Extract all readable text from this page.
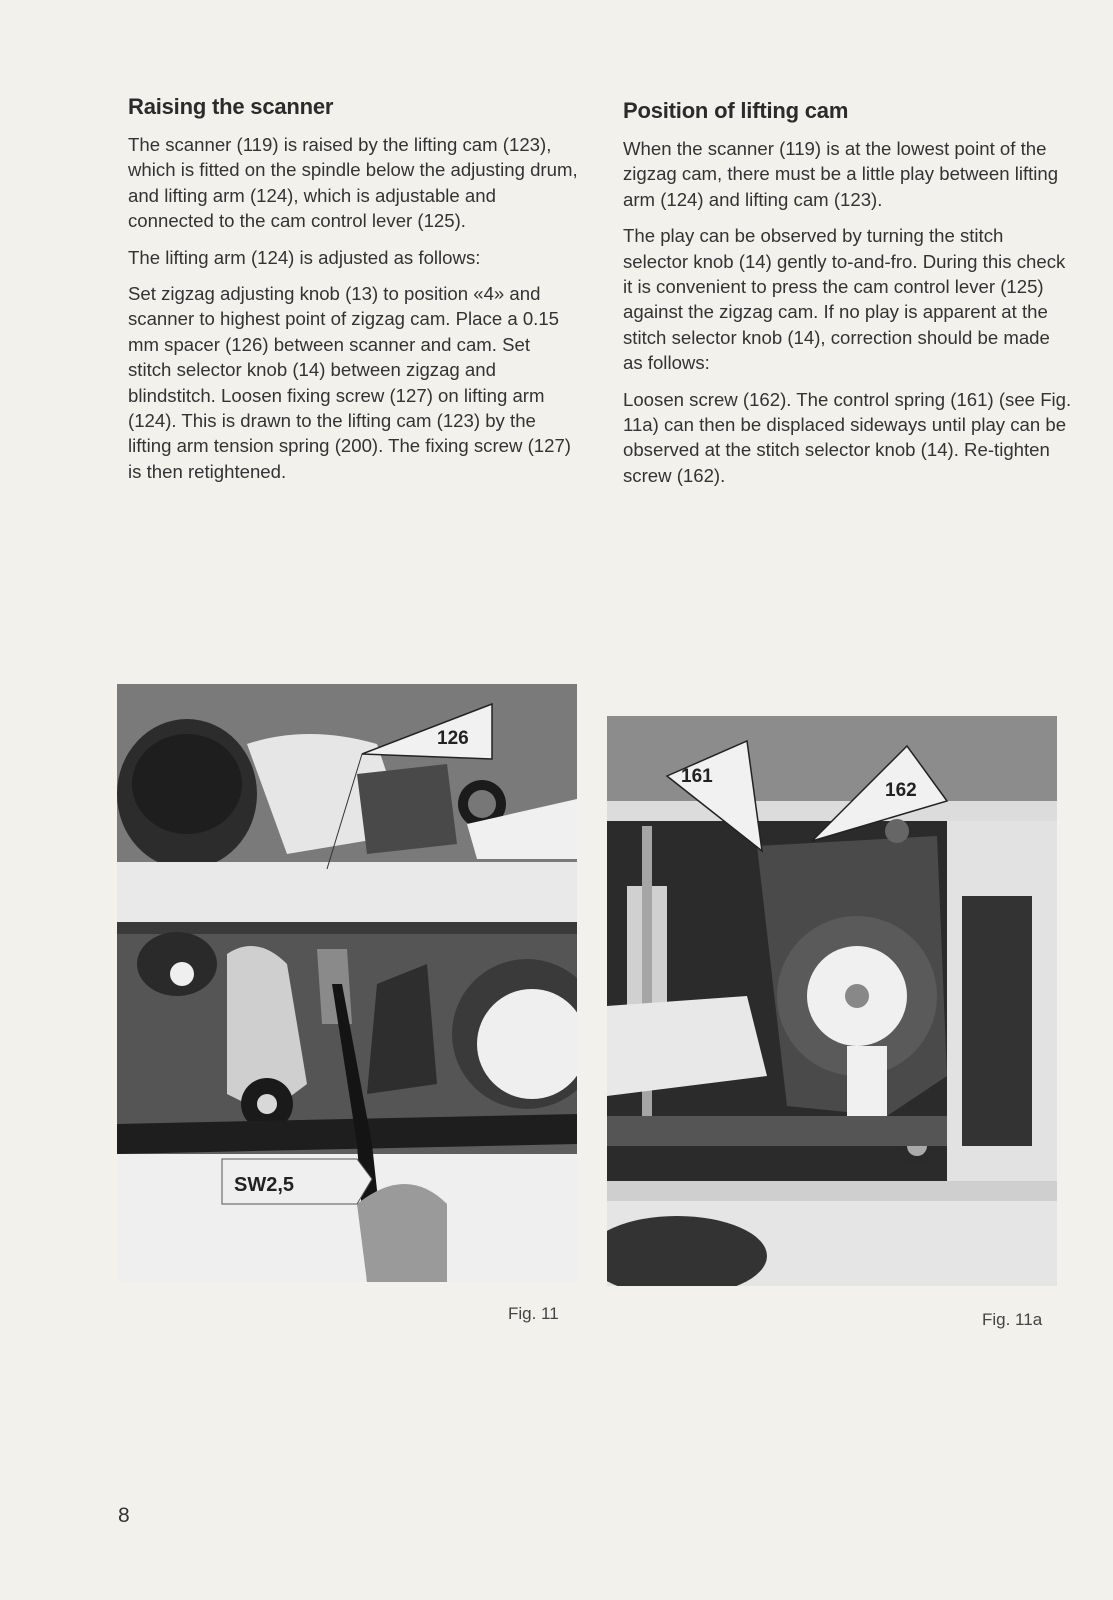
Raising the scanner

The scanner (119) is raised by the lifting cam (123), which is fitted on the spindle below the adjusting drum, and lifting arm (124), which is adjustable and connected to the cam control lever (125).

The lifting arm (124) is adjusted as follows:

Set zigzag adjusting knob (13) to position «4» and scanner to highest point of zigzag cam. Place a 0.15 mm spacer (126) between scanner and cam. Set stitch selector knob (14) between zigzag and blindstitch. Loosen fixing screw (127) on lifting arm (124). This is drawn to the lifting cam (123) by the lifting arm tension spring (200). The fixing screw (127) is then retightened.

Position of lifting cam

When the scanner (119) is at the lowest point of the zigzag cam, there must be a little play between lifting arm (124) and lifting cam (123).

The play can be observed by turning the stitch selector knob (14) gently to-and-fro. During this check it is convenient to press the cam control lever (125) against the zigzag cam. If no play is apparent at the stitch selector knob (14), correction should be made as follows:

Loosen screw (162). The control spring (161) (see Fig. 11a) can then be displaced sideways until play can be observed at the stitch selector knob (14). Re-tighten screw (162).

126
SW2,5
161
162
Fig. 11	Fig. 11a
8
